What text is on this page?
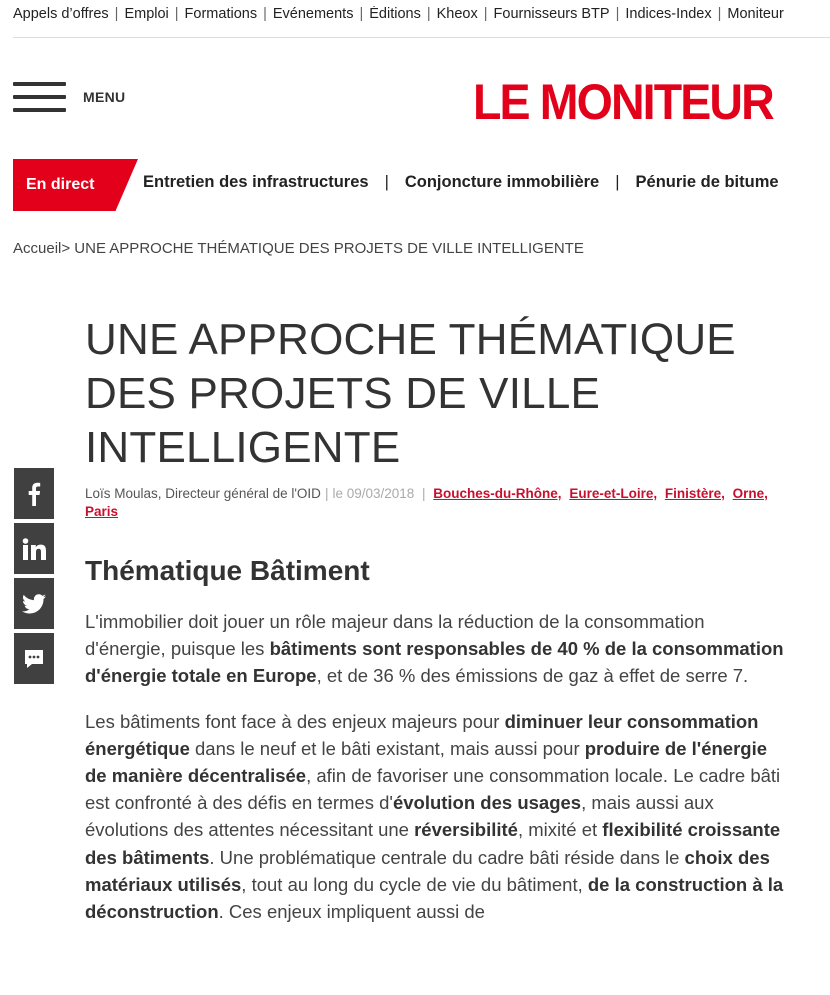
Appels d’offres | Emploi | Formations | Evénements | Éditions | Kheox | Fournisseurs BTP | Indices-Index | Moniteur
MENU	LE MONITEUR
En direct	Entretien des infrastructures | Conjoncture immobilière | Pénurie de bitume
Accueil> UNE APPROCHE THÉMATIQUE DES PROJETS DE VILLE INTELLIGENTE
UNE APPROCHE THÉMATIQUE DES PROJETS DE VILLE INTELLIGENTE
Loïs Moulas, Directeur général de l'OID | le 09/03/2018 | Bouches-du-Rhône, Eure-et-Loire, Finistère, Orne, Paris
Thématique Bâtiment

L'immobilier doit jouer un rôle majeur dans la réduction de la consommation d'énergie, puisque les bâtiments sont responsables de 40 % de la consommation d'énergie totale en Europe, et de 36 % des émissions de gaz à effet de serre 7.

Les bâtiments font face à des enjeux majeurs pour diminuer leur consommation énergétique dans le neuf et le bâti existant, mais aussi pour produire de l'énergie de manière décentralisée, afin de favoriser une consommation locale. Le cadre bâti est confronté à des défis en termes d'évolution des usages, mais aussi aux évolutions des attentes nécessitant une réversibilité, mixité et flexibilité croissante des bâtiments. Une problématique centrale du cadre bâti réside dans le choix des matériaux utilisés, tout au long du cycle de vie du bâtiment, de la construction à la déconstruction. Ces enjeux impliquent aussi de
